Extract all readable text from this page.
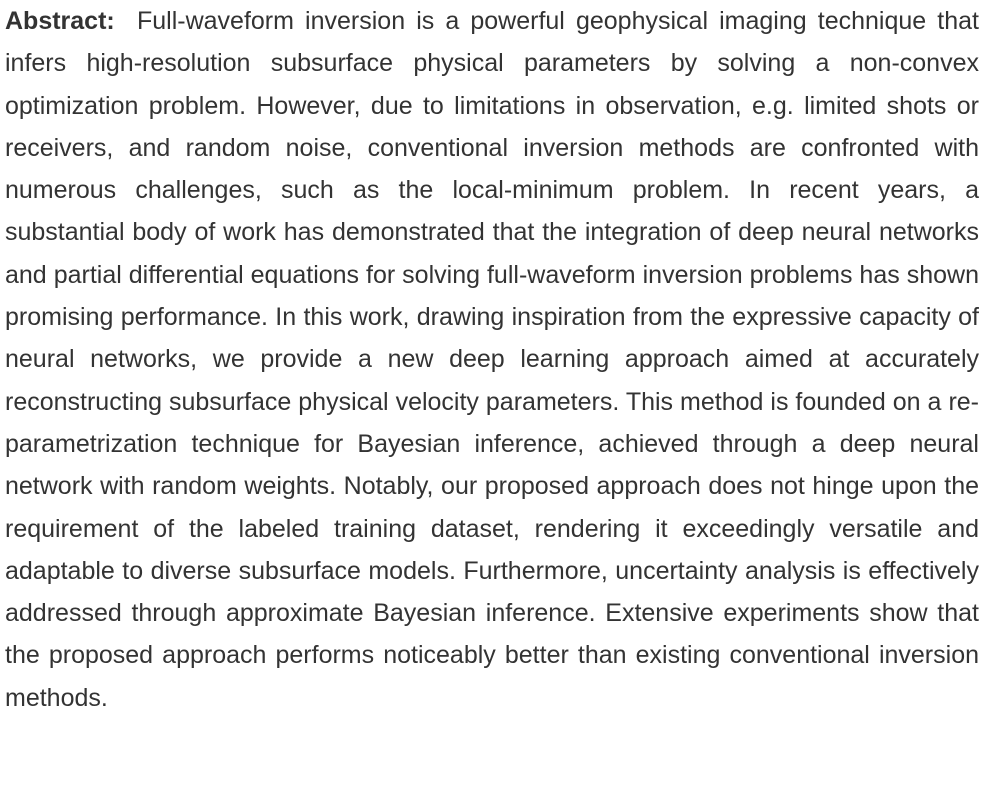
Abstract: Full-waveform inversion is a powerful geophysical imaging technique that infers high-resolution subsurface physical parameters by solving a non-convex optimization problem. However, due to limitations in observation, e.g. limited shots or receivers, and random noise, conventional inversion methods are confronted with numerous challenges, such as the local-minimum problem. In recent years, a substantial body of work has demonstrated that the integration of deep neural networks and partial differential equations for solving full-waveform inversion problems has shown promising performance. In this work, drawing inspiration from the expressive capacity of neural networks, we provide a new deep learning approach aimed at accurately reconstructing subsurface physical velocity parameters. This method is founded on a re-parametrization technique for Bayesian inference, achieved through a deep neural network with random weights. Notably, our proposed approach does not hinge upon the requirement of the labeled training dataset, rendering it exceedingly versatile and adaptable to diverse subsurface models. Furthermore, uncertainty analysis is effectively addressed through approximate Bayesian inference. Extensive experiments show that the proposed approach performs noticeably better than existing conventional inversion methods.
